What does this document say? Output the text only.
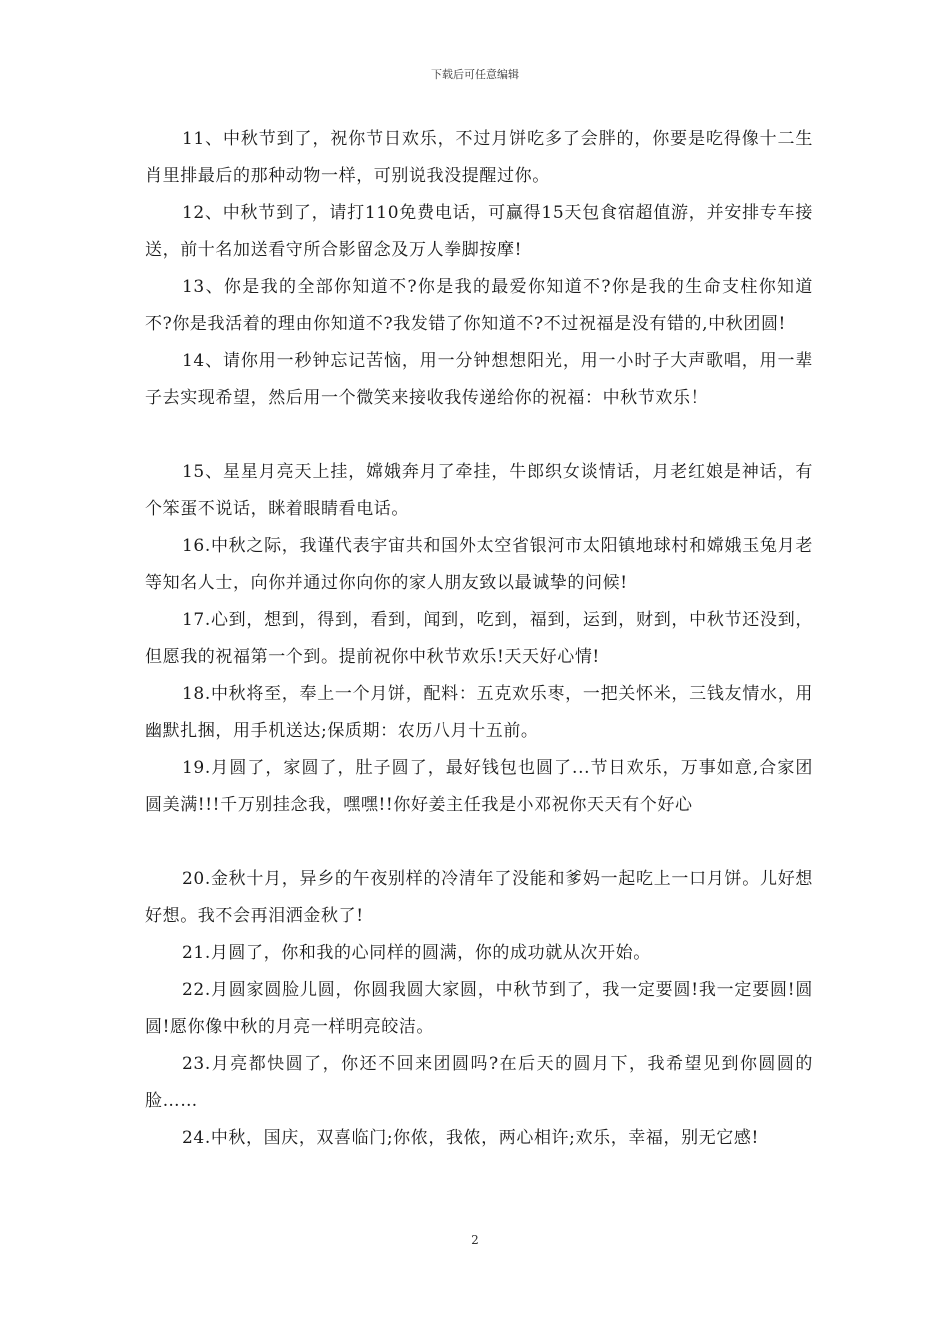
下载后可任意编辑

11、中秋节到了，祝你节日欢乐，不过月饼吃多了会胖的，你要是吃得像十二生肖里排最后的那种动物一样，可别说我没提醒过你。

12、中秋节到了，请打110免费电话，可赢得15天包食宿超值游，并安排专车接送，前十名加送看守所合影留念及万人拳脚按摩!

13、你是我的全部你知道不?你是我的最爱你知道不?你是我的生命支柱你知道不?你是我活着的理由你知道不?我发错了你知道不?不过祝福是没有错的,中秋团圆!

14、请你用一秒钟忘记苦恼，用一分钟想想阳光，用一小时子大声歌唱，用一辈子去实现希望，然后用一个微笑来接收我传递给你的祝福：中秋节欢乐！

15、星星月亮天上挂，嫦娥奔月了牵挂，牛郎织女谈情话，月老红娘是神话，有个笨蛋不说话，眯着眼睛看电话。

16.中秋之际，我谨代表宇宙共和国外太空省银河市太阳镇地球村和嫦娥玉兔月老等知名人士，向你并通过你向你的家人朋友致以最诚挚的问候!

17.心到，想到，得到，看到，闻到，吃到，福到，运到，财到，中秋节还没到，但愿我的祝福第一个到。提前祝你中秋节欢乐!天天好心情!

18.中秋将至，奉上一个月饼，配料：五克欢乐枣，一把关怀米，三钱友情水，用幽默扎捆，用手机送达;保质期：农历八月十五前。

19.月圆了，家圆了，肚子圆了，最好钱包也圆了...节日欢乐，万事如意,合家团圆美满!!!千万别挂念我，嘿嘿!!你好姜主任我是小邓祝你天天有个好心

20.金秋十月，异乡的午夜别样的冷清年了没能和爹妈一起吃上一口月饼。儿好想好想。我不会再泪洒金秋了!

21.月圆了，你和我的心同样的圆满，你的成功就从次开始。

22.月圆家圆脸儿圆，你圆我圆大家圆，中秋节到了，我一定要圆!我一定要圆!圆圆!愿你像中秋的月亮一样明亮皎洁。

23.月亮都快圆了，你还不回来团圆吗?在后天的圆月下，我希望见到你圆圆的脸……

24.中秋，国庆，双喜临门;你侬，我侬，两心相许;欢乐，幸福，别无它感!

2
